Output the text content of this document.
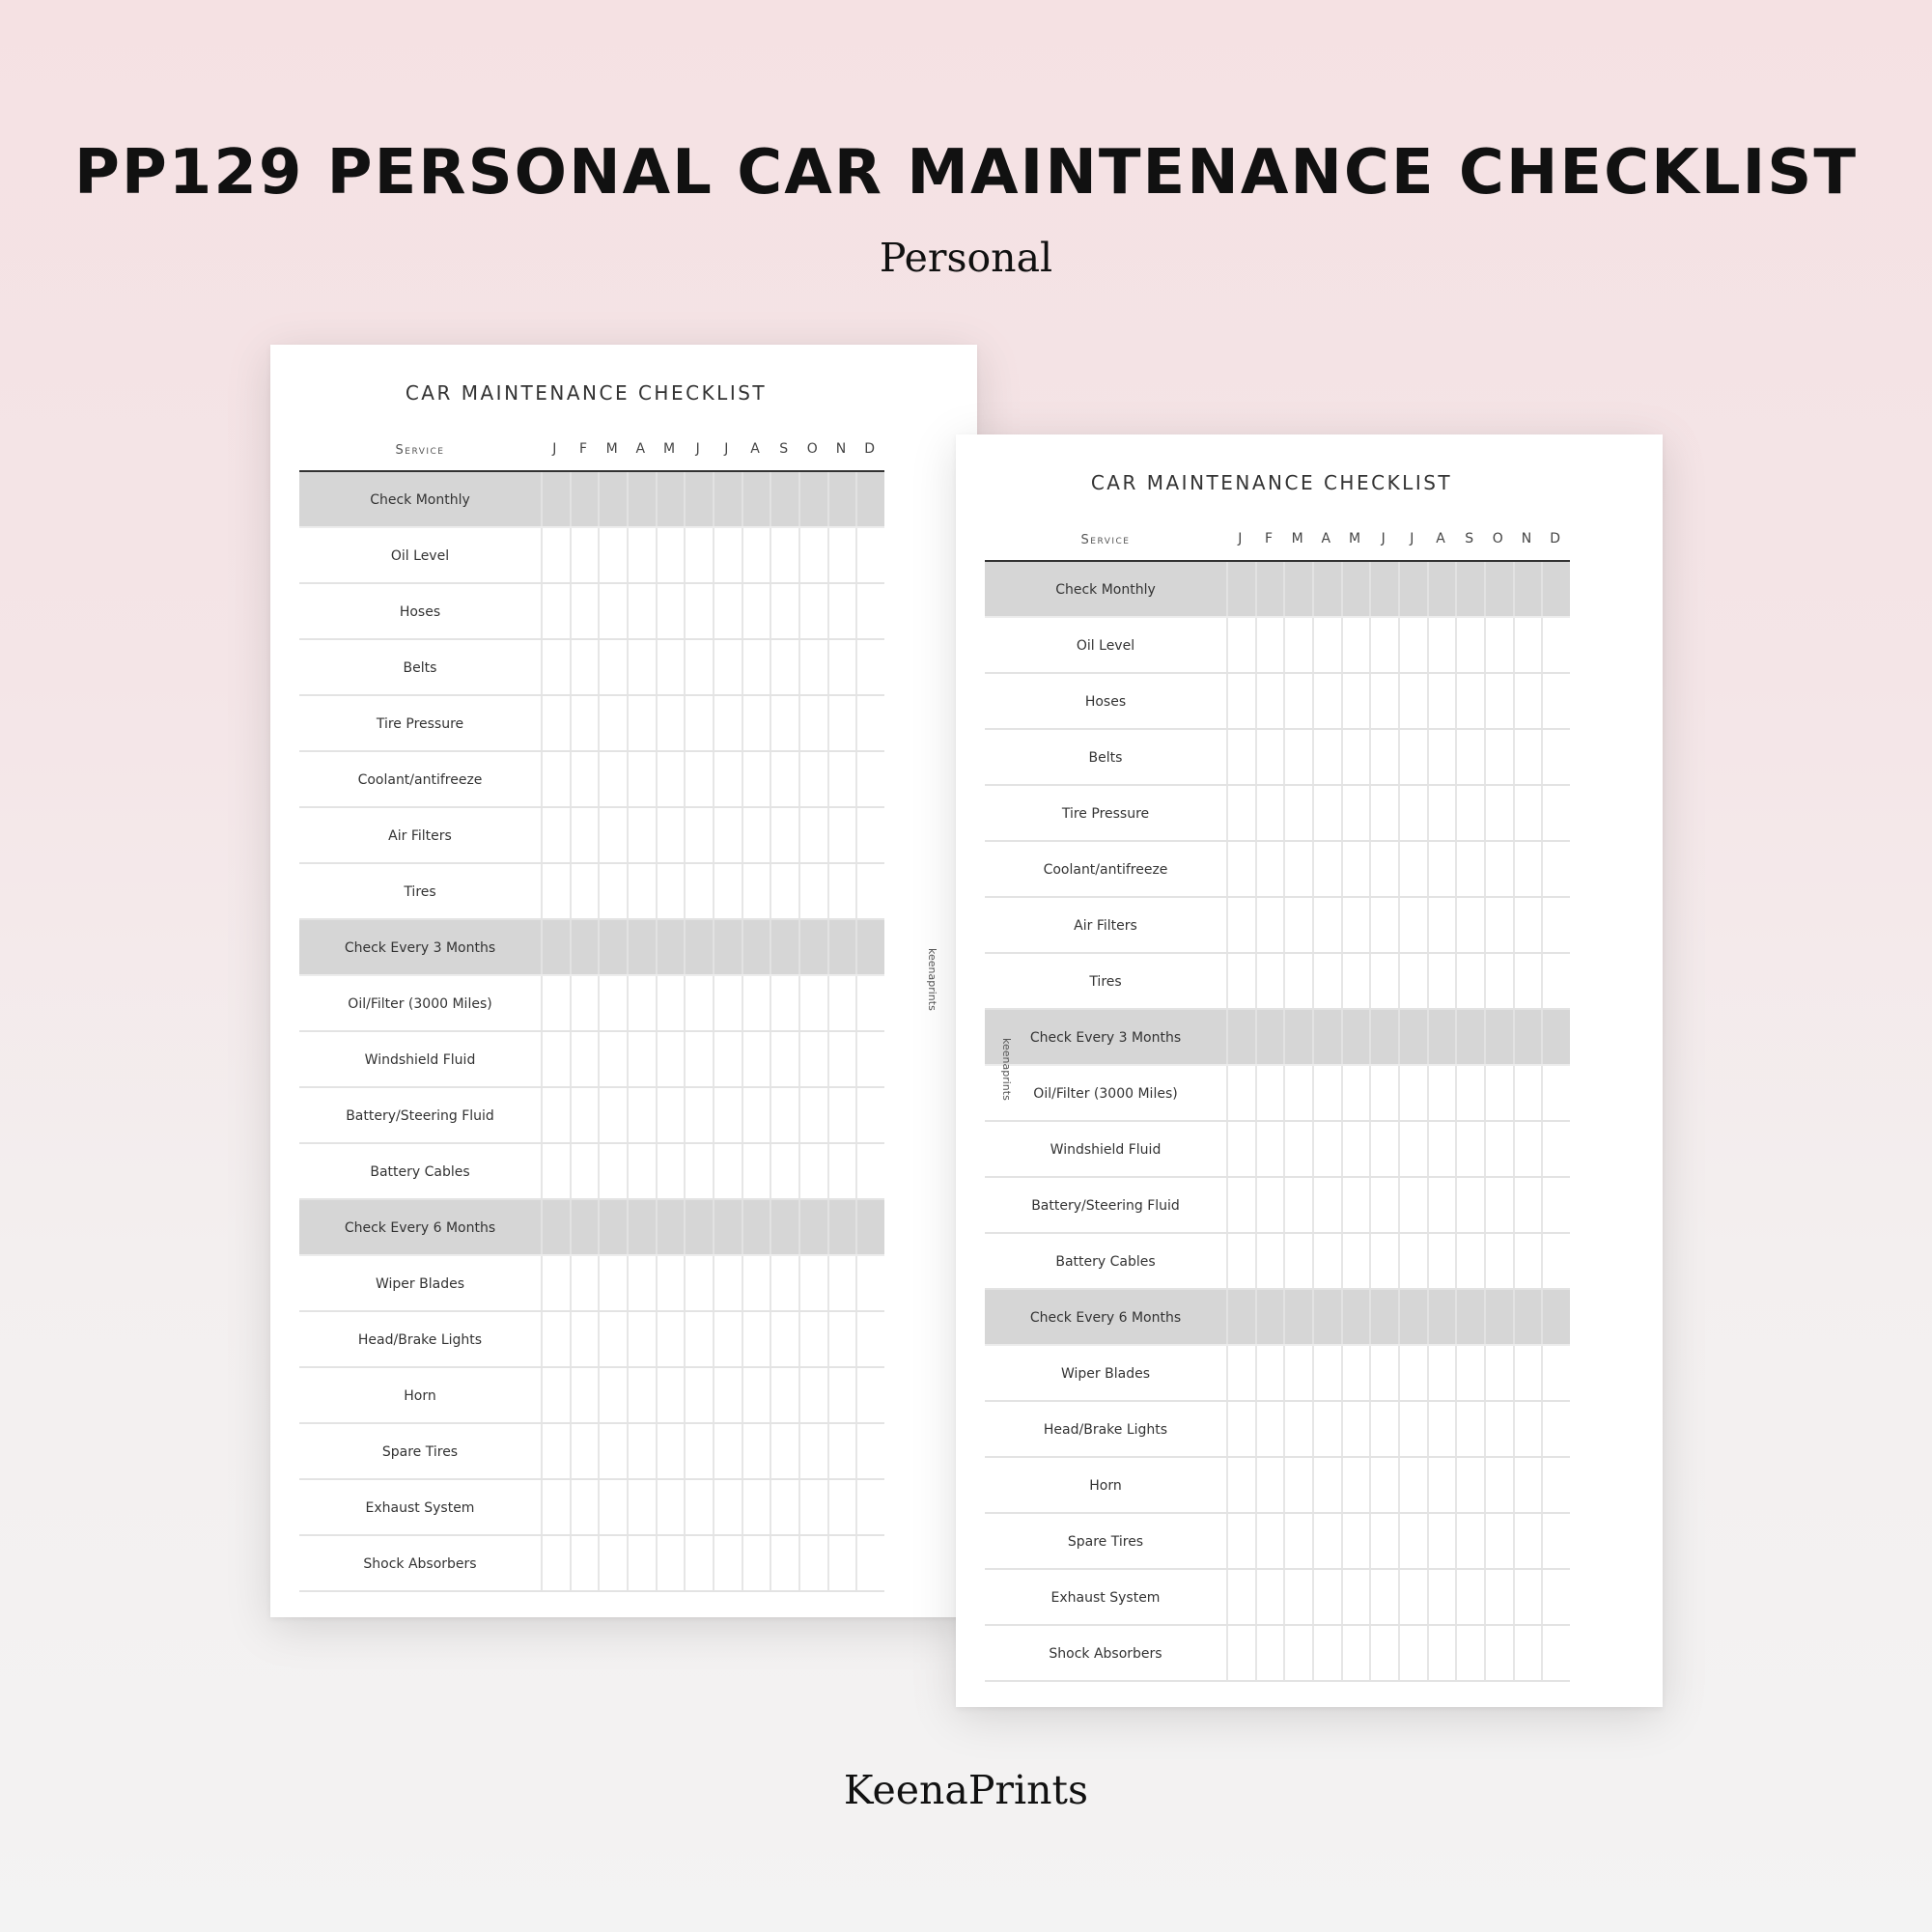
PP129 PERSONAL CAR MAINTENANCE CHECKLIST
Personal
CAR MAINTENANCE CHECKLIST
Service	J	F	M	A	M	J	J	A	S	O	N	D
Check Monthly
Oil Level
Hoses
Belts
Tire Pressure
Coolant/antifreeze
Air Filters
Tires
Check Every 3 Months
Oil/Filter (3000 Miles)
Windshield Fluid
Battery/Steering Fluid
Battery Cables
Check Every 6 Months
Wiper Blades
Head/Brake Lights
Horn
Spare Tires
Exhaust System
Shock Absorbers
keenaprints
CAR MAINTENANCE CHECKLIST
Service	J	F	M	A	M	J	J	A	S	O	N	D
Check Monthly
Oil Level
Hoses
Belts
Tire Pressure
Coolant/antifreeze
Air Filters
Tires
Check Every 3 Months
Oil/Filter (3000 Miles)
Windshield Fluid
Battery/Steering Fluid
Battery Cables
Check Every 6 Months
Wiper Blades
Head/Brake Lights
Horn
Spare Tires
Exhaust System
Shock Absorbers
keenaprints
KeenaPrints
